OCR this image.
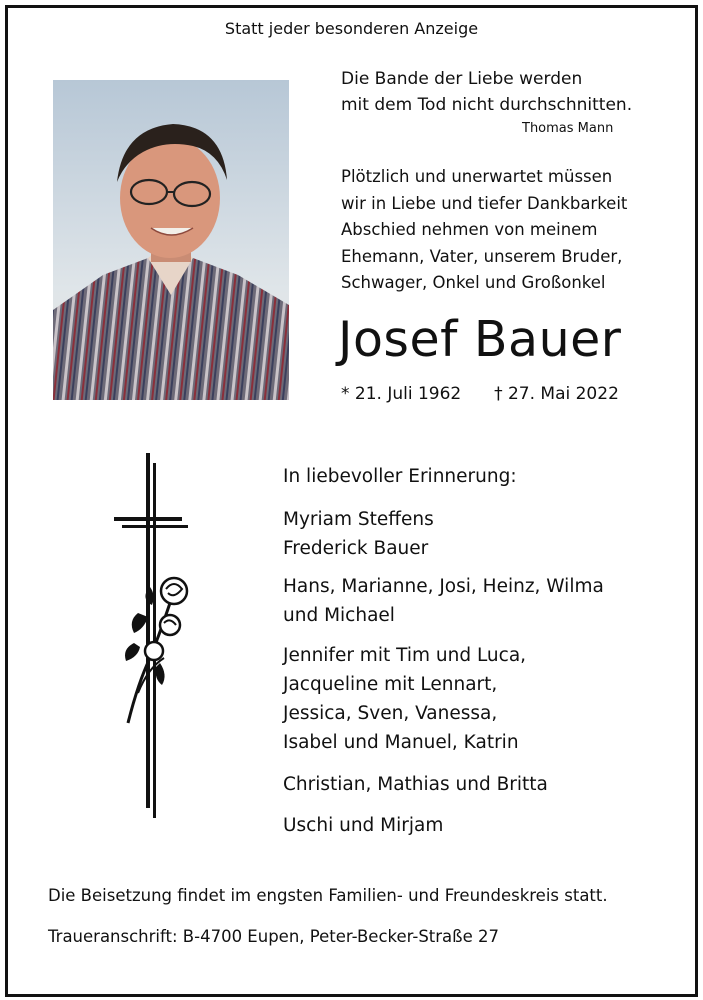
Statt jeder besonderen Anzeige
Die Bande der Liebe werden
mit dem Tod nicht durchschnitten.
Thomas Mann
Plötzlich und unerwartet müssen
wir in Liebe und tiefer Dankbarkeit
Abschied nehmen von meinem
Ehemann, Vater, unserem Bruder,
Schwager, Onkel und Großonkel
Josef Bauer
* 21. Juli 1962 † 27. Mai 2022
In liebevoller Erinnerung:
Myriam Steffens
Frederick Bauer
Hans, Marianne, Josi, Heinz, Wilma
und Michael
Jennifer mit Tim und Luca,
Jacqueline mit Lennart,
Jessica, Sven, Vanessa,
Isabel und Manuel, Katrin
Christian, Mathias und Britta
Uschi und Mirjam
Die Beisetzung findet im engsten Familien- und Freundeskreis statt.
Traueranschrift: B-4700 Eupen, Peter-Becker-Straße 27
